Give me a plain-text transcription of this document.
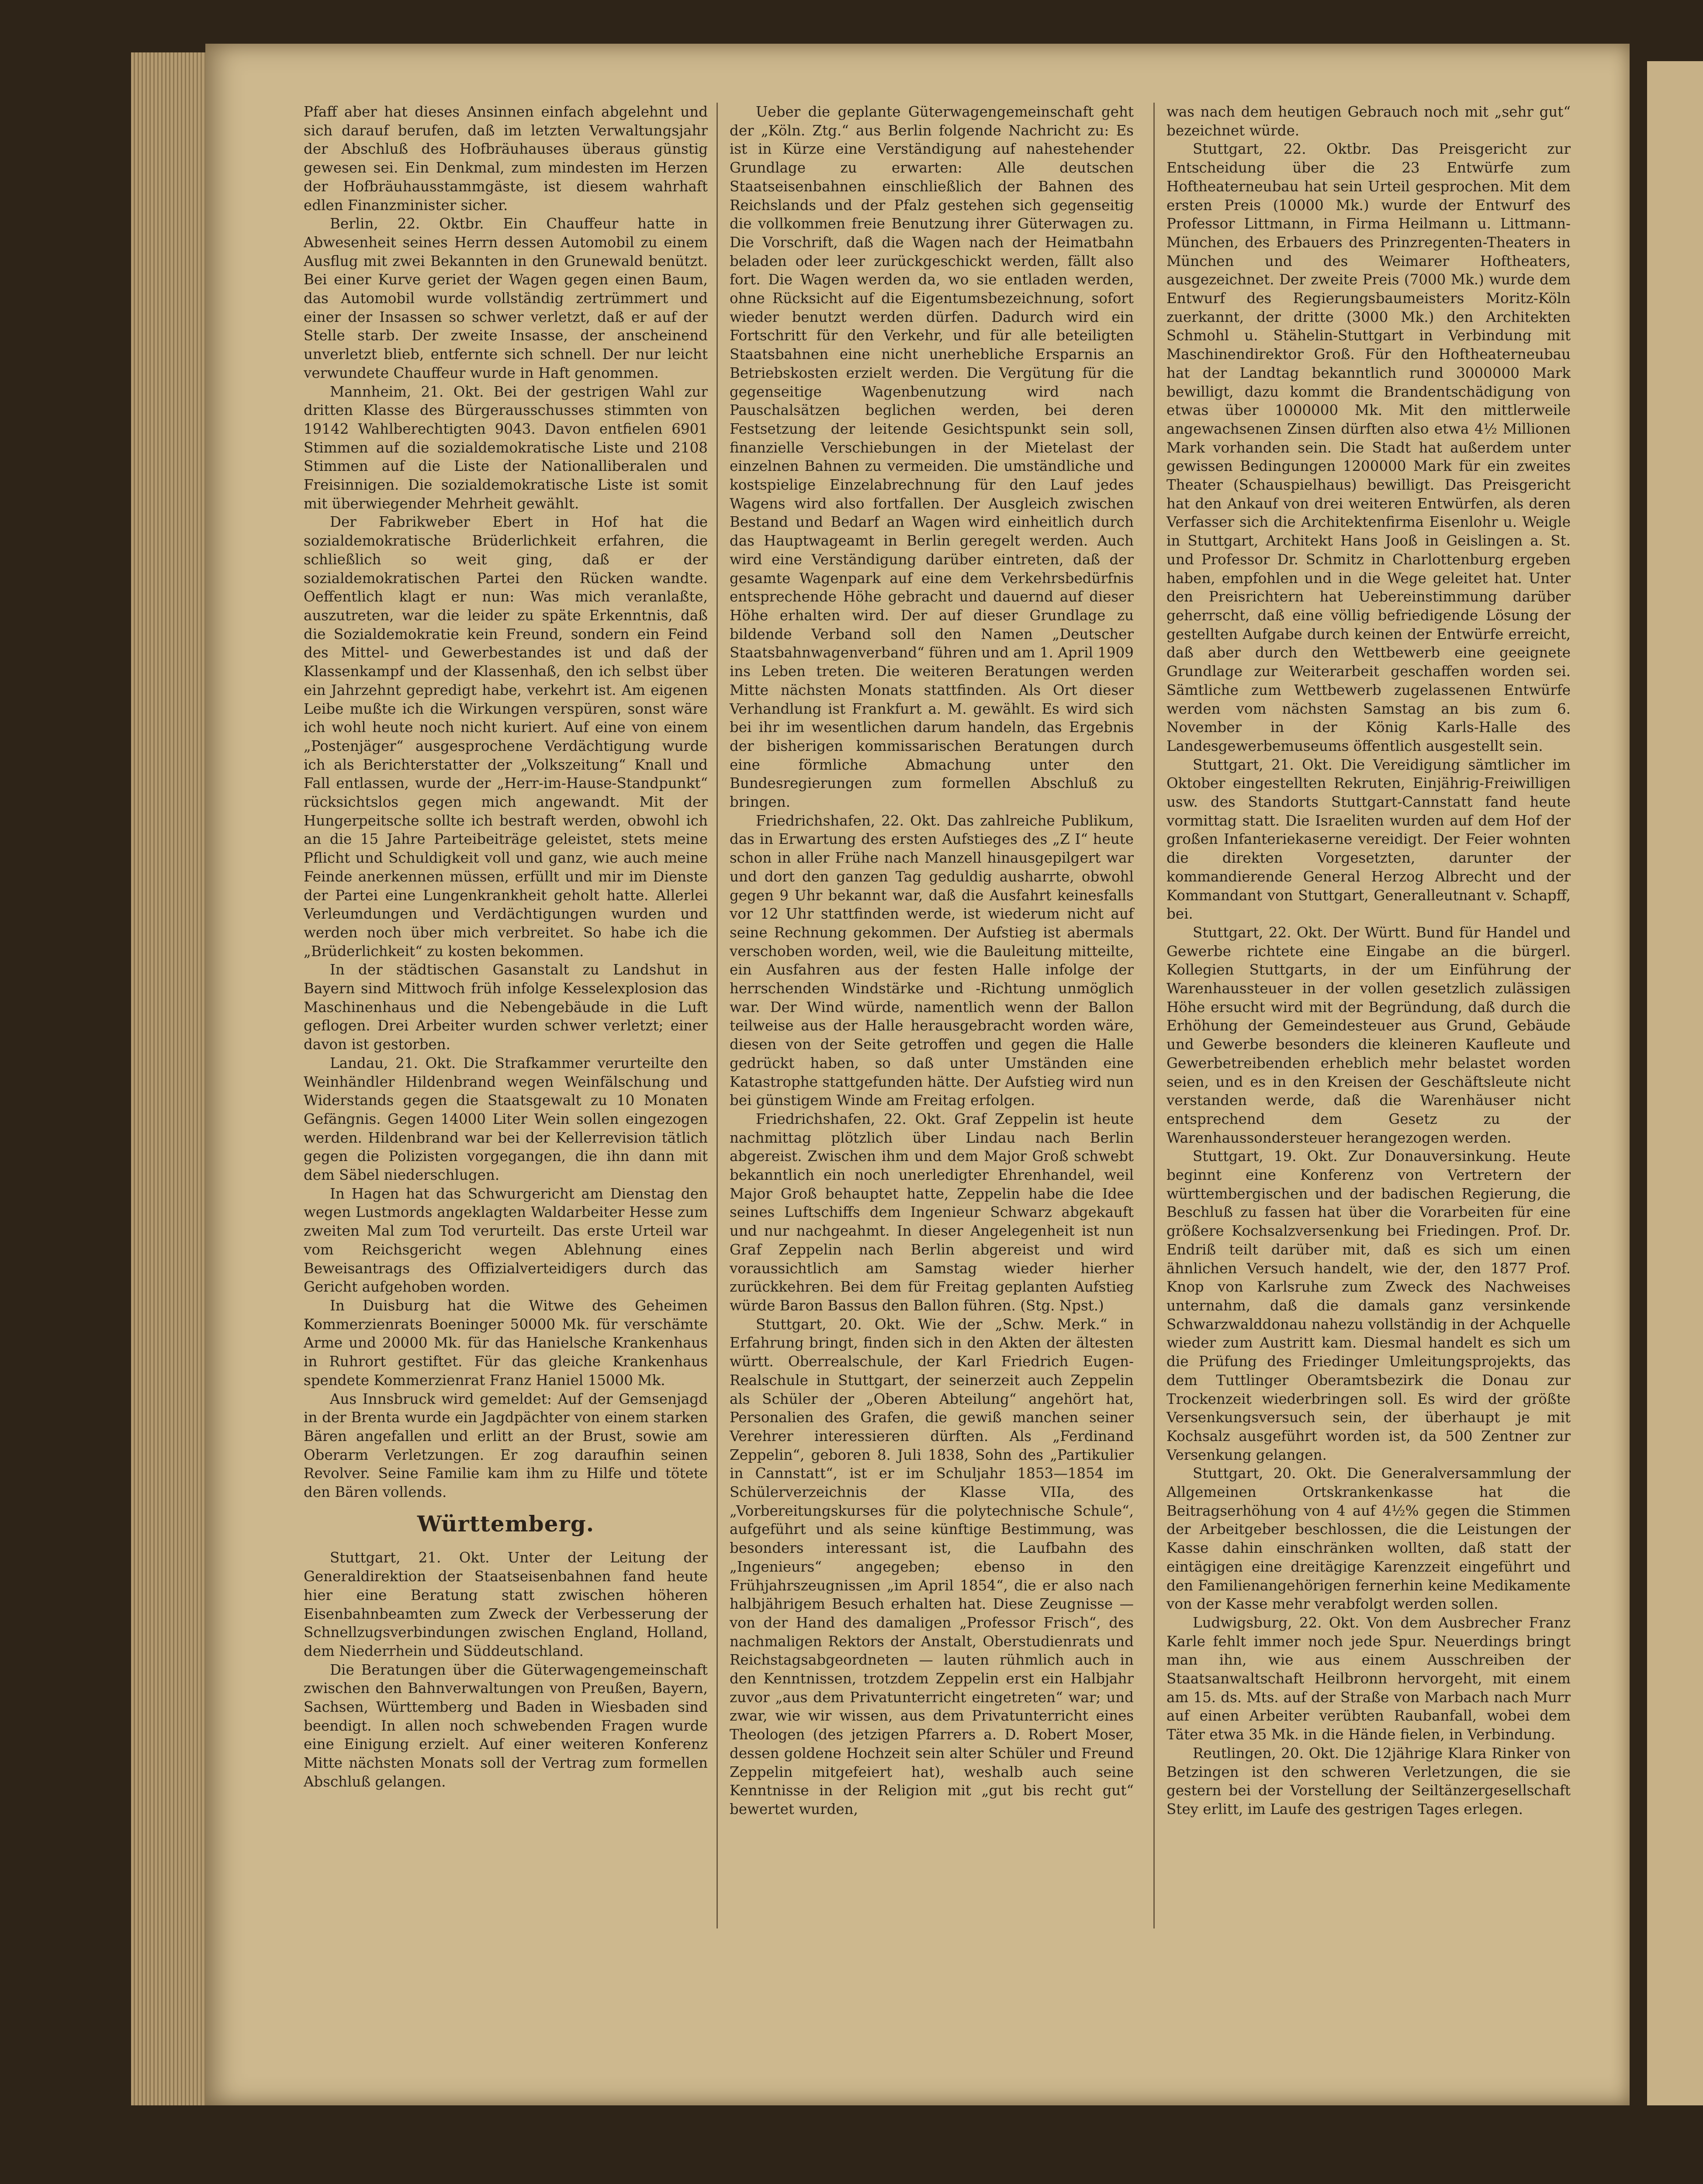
Pfaff aber hat dieses Ansinnen einfach abgelehnt und sich darauf berufen, daß im letzten Verwaltungsjahr der Abschluß des Hofbräuhauses überaus günstig gewesen sei. Ein Denkmal, zum mindesten im Herzen der Hofbräuhausstammgäste, ist diesem wahrhaft edlen Finanzminister sicher.

Berlin, 22. Oktbr. Ein Chauffeur hatte in Abwesenheit seines Herrn dessen Automobil zu einem Ausflug mit zwei Bekannten in den Grunewald benützt. Bei einer Kurve geriet der Wagen gegen einen Baum, das Automobil wurde vollständig zertrümmert und einer der Insassen so schwer verletzt, daß er auf der Stelle starb. Der zweite Insasse, der anscheinend unverletzt blieb, entfernte sich schnell. Der nur leicht verwundete Chauffeur wurde in Haft genommen.

Mannheim, 21. Okt. Bei der gestrigen Wahl zur dritten Klasse des Bürgerausschusses stimmten von 19142 Wahlberechtigten 9043. Davon entfielen 6901 Stimmen auf die sozialdemokratische Liste und 2108 Stimmen auf die Liste der Nationalliberalen und Freisinnigen. Die sozialdemokratische Liste ist somit mit überwiegender Mehrheit gewählt.

Der Fabrikweber Ebert in Hof hat die sozialdemokratische Brüderlichkeit erfahren, die schließlich so weit ging, daß er der sozialdemokratischen Partei den Rücken wandte. Oeffentlich klagt er nun: Was mich veranlaßte, auszutreten, war die leider zu späte Erkenntnis, daß die Sozialdemokratie kein Freund, sondern ein Feind des Mittel- und Gewerbestandes ist und daß der Klassenkampf und der Klassenhaß, den ich selbst über ein Jahrzehnt gepredigt habe, verkehrt ist. Am eigenen Leibe mußte ich die Wirkungen verspüren, sonst wäre ich wohl heute noch nicht kuriert. Auf eine von einem „Postenjäger“ ausgesprochene Verdächtigung wurde ich als Berichterstatter der „Volkszeitung“ Knall und Fall entlassen, wurde der „Herr-im-Hause-Standpunkt“ rücksichtslos gegen mich angewandt. Mit der Hungerpeitsche sollte ich bestraft werden, obwohl ich an die 15 Jahre Parteibeiträge geleistet, stets meine Pflicht und Schuldigkeit voll und ganz, wie auch meine Feinde anerkennen müssen, erfüllt und mir im Dienste der Partei eine Lungenkrankheit geholt hatte. Allerlei Verleumdungen und Verdächtigungen wurden und werden noch über mich verbreitet. So habe ich die „Brüderlichkeit“ zu kosten bekommen.

In der städtischen Gasanstalt zu Landshut in Bayern sind Mittwoch früh infolge Kesselexplosion das Maschinenhaus und die Nebengebäude in die Luft geflogen. Drei Arbeiter wurden schwer verletzt; einer davon ist gestorben.

Landau, 21. Okt. Die Strafkammer verurteilte den Weinhändler Hildenbrand wegen Weinfälschung und Widerstands gegen die Staatsgewalt zu 10 Monaten Gefängnis. Gegen 14000 Liter Wein sollen eingezogen werden. Hildenbrand war bei der Kellerrevision tätlich gegen die Polizisten vorgegangen, die ihn dann mit dem Säbel niederschlugen.

In Hagen hat das Schwurgericht am Dienstag den wegen Lustmords angeklagten Waldarbeiter Hesse zum zweiten Mal zum Tod verurteilt. Das erste Urteil war vom Reichsgericht wegen Ablehnung eines Beweisantrags des Offizialverteidigers durch das Gericht aufgehoben worden.

In Duisburg hat die Witwe des Geheimen Kommerzienrats Boeninger 50000 Mk. für verschämte Arme und 20000 Mk. für das Hanielsche Krankenhaus in Ruhrort gestiftet. Für das gleiche Krankenhaus spendete Kommerzienrat Franz Haniel 15000 Mk.

Aus Innsbruck wird gemeldet: Auf der Gemsenjagd in der Brenta wurde ein Jagdpächter von einem starken Bären angefallen und erlitt an der Brust, sowie am Oberarm Verletzungen. Er zog daraufhin seinen Revolver. Seine Familie kam ihm zu Hilfe und tötete den Bären vollends.

Württemberg.

Stuttgart, 21. Okt. Unter der Leitung der Generaldirektion der Staatseisenbahnen fand heute hier eine Beratung statt zwischen höheren Eisenbahnbeamten zum Zweck der Verbesserung der Schnellzugsverbindungen zwischen England, Holland, dem Niederrhein und Süddeutschland.

Die Beratungen über die Güterwagengemeinschaft zwischen den Bahnverwaltungen von Preußen, Bayern, Sachsen, Württemberg und Baden in Wiesbaden sind beendigt. In allen noch schwebenden Fragen wurde eine Einigung erzielt. Auf einer weiteren Konferenz Mitte nächsten Monats soll der Vertrag zum formellen Abschluß gelangen.

Ueber die geplante Güterwagengemeinschaft geht der „Köln. Ztg.“ aus Berlin folgende Nachricht zu: Es ist in Kürze eine Verständigung auf nahestehender Grundlage zu erwarten: Alle deutschen Staatseisenbahnen einschließlich der Bahnen des Reichslands und der Pfalz gestehen sich gegenseitig die vollkommen freie Benutzung ihrer Güterwagen zu. Die Vorschrift, daß die Wagen nach der Heimatbahn beladen oder leer zurückgeschickt werden, fällt also fort. Die Wagen werden da, wo sie entladen werden, ohne Rücksicht auf die Eigentumsbezeichnung, sofort wieder benutzt werden dürfen. Dadurch wird ein Fortschritt für den Verkehr, und für alle beteiligten Staatsbahnen eine nicht unerhebliche Ersparnis an Betriebskosten erzielt werden. Die Vergütung für die gegenseitige Wagenbenutzung wird nach Pauschalsätzen beglichen werden, bei deren Festsetzung der leitende Gesichtspunkt sein soll, finanzielle Verschiebungen in der Mietelast der einzelnen Bahnen zu vermeiden. Die umständliche und kostspielige Einzelabrechnung für den Lauf jedes Wagens wird also fortfallen. Der Ausgleich zwischen Bestand und Bedarf an Wagen wird einheitlich durch das Hauptwageamt in Berlin geregelt werden. Auch wird eine Verständigung darüber eintreten, daß der gesamte Wagenpark auf eine dem Verkehrsbedürfnis entsprechende Höhe gebracht und dauernd auf dieser Höhe erhalten wird. Der auf dieser Grundlage zu bildende Verband soll den Namen „Deutscher Staatsbahnwagenverband“ führen und am 1. April 1909 ins Leben treten. Die weiteren Beratungen werden Mitte nächsten Monats stattfinden. Als Ort dieser Verhandlung ist Frankfurt a. M. gewählt. Es wird sich bei ihr im wesentlichen darum handeln, das Ergebnis der bisherigen kommissarischen Beratungen durch eine förmliche Abmachung unter den Bundesregierungen zum formellen Abschluß zu bringen.

Friedrichshafen, 22. Okt. Das zahlreiche Publikum, das in Erwartung des ersten Aufstieges des „Z I“ heute schon in aller Frühe nach Manzell hinausgepilgert war und dort den ganzen Tag geduldig ausharrte, obwohl gegen 9 Uhr bekannt war, daß die Ausfahrt keinesfalls vor 12 Uhr stattfinden werde, ist wiederum nicht auf seine Rechnung gekommen. Der Aufstieg ist abermals verschoben worden, weil, wie die Bauleitung mitteilte, ein Ausfahren aus der festen Halle infolge der herrschenden Windstärke und -Richtung unmöglich war. Der Wind würde, namentlich wenn der Ballon teilweise aus der Halle herausgebracht worden wäre, diesen von der Seite getroffen und gegen die Halle gedrückt haben, so daß unter Umständen eine Katastrophe stattgefunden hätte. Der Aufstieg wird nun bei günstigem Winde am Freitag erfolgen.

Friedrichshafen, 22. Okt. Graf Zeppelin ist heute nachmittag plötzlich über Lindau nach Berlin abgereist. Zwischen ihm und dem Major Groß schwebt bekanntlich ein noch unerledigter Ehrenhandel, weil Major Groß behauptet hatte, Zeppelin habe die Idee seines Luftschiffs dem Ingenieur Schwarz abgekauft und nur nachgeahmt. In dieser Angelegenheit ist nun Graf Zeppelin nach Berlin abgereist und wird voraussichtlich am Samstag wieder hierher zurückkehren. Bei dem für Freitag geplanten Aufstieg würde Baron Bassus den Ballon führen. (Stg. Npst.)

Stuttgart, 20. Okt. Wie der „Schw. Merk.“ in Erfahrung bringt, finden sich in den Akten der ältesten württ. Oberrealschule, der Karl Friedrich Eugen-Realschule in Stuttgart, der seinerzeit auch Zeppelin als Schüler der „Oberen Abteilung“ angehört hat, Personalien des Grafen, die gewiß manchen seiner Verehrer interessieren dürften. Als „Ferdinand Zeppelin“, geboren 8. Juli 1838, Sohn des „Partikulier in Cannstatt“, ist er im Schuljahr 1853—1854 im Schülerverzeichnis der Klasse VIIa, des „Vorbereitungskurses für die polytechnische Schule“, aufgeführt und als seine künftige Bestimmung, was besonders interessant ist, die Laufbahn des „Ingenieurs“ angegeben; ebenso in den Frühjahrszeugnissen „im April 1854“, die er also nach halbjährigem Besuch erhalten hat. Diese Zeugnisse — von der Hand des damaligen „Professor Frisch“, des nachmaligen Rektors der Anstalt, Oberstudienrats und Reichstagsabgeordneten — lauten rühmlich auch in den Kenntnissen, trotzdem Zeppelin erst ein Halbjahr zuvor „aus dem Privatunterricht eingetreten“ war; und zwar, wie wir wissen, aus dem Privatunterricht eines Theologen (des jetzigen Pfarrers a. D. Robert Moser, dessen goldene Hochzeit sein alter Schüler und Freund Zeppelin mitgefeiert hat), weshalb auch seine Kenntnisse in der Religion mit „gut bis recht gut“ bewertet wurden,

was nach dem heutigen Gebrauch noch mit „sehr gut“ bezeichnet würde.

Stuttgart, 22. Oktbr. Das Preisgericht zur Entscheidung über die 23 Entwürfe zum Hoftheaterneubau hat sein Urteil gesprochen. Mit dem ersten Preis (10000 Mk.) wurde der Entwurf des Professor Littmann, in Firma Heilmann u. Littmann-München, des Erbauers des Prinzregenten-Theaters in München und des Weimarer Hoftheaters, ausgezeichnet. Der zweite Preis (7000 Mk.) wurde dem Entwurf des Regierungsbaumeisters Moritz-Köln zuerkannt, der dritte (3000 Mk.) den Architekten Schmohl u. Stähelin-Stuttgart in Verbindung mit Maschinendirektor Groß. Für den Hoftheaterneubau hat der Landtag bekanntlich rund 3000000 Mark bewilligt, dazu kommt die Brandentschädigung von etwas über 1000000 Mk. Mit den mittlerweile angewachsenen Zinsen dürften also etwa 4½ Millionen Mark vorhanden sein. Die Stadt hat außerdem unter gewissen Bedingungen 1200000 Mark für ein zweites Theater (Schauspielhaus) bewilligt. Das Preisgericht hat den Ankauf von drei weiteren Entwürfen, als deren Verfasser sich die Architektenfirma Eisenlohr u. Weigle in Stuttgart, Architekt Hans Jooß in Geislingen a. St. und Professor Dr. Schmitz in Charlottenburg ergeben haben, empfohlen und in die Wege geleitet hat. Unter den Preisrichtern hat Uebereinstimmung darüber geherrscht, daß eine völlig befriedigende Lösung der gestellten Aufgabe durch keinen der Entwürfe erreicht, daß aber durch den Wettbewerb eine geeignete Grundlage zur Weiterarbeit geschaffen worden sei. Sämtliche zum Wettbewerb zugelassenen Entwürfe werden vom nächsten Samstag an bis zum 6. November in der König Karls-Halle des Landesgewerbemuseums öffentlich ausgestellt sein.

Stuttgart, 21. Okt. Die Vereidigung sämtlicher im Oktober eingestellten Rekruten, Einjährig-Freiwilligen usw. des Standorts Stuttgart-Cannstatt fand heute vormittag statt. Die Israeliten wurden auf dem Hof der großen Infanteriekaserne vereidigt. Der Feier wohnten die direkten Vorgesetzten, darunter der kommandierende General Herzog Albrecht und der Kommandant von Stuttgart, Generalleutnant v. Schapff, bei.

Stuttgart, 22. Okt. Der Württ. Bund für Handel und Gewerbe richtete eine Eingabe an die bürgerl. Kollegien Stuttgarts, in der um Einführung der Warenhaussteuer in der vollen gesetzlich zulässigen Höhe ersucht wird mit der Begründung, daß durch die Erhöhung der Gemeindesteuer aus Grund, Gebäude und Gewerbe besonders die kleineren Kaufleute und Gewerbetreibenden erheblich mehr belastet worden seien, und es in den Kreisen der Geschäftsleute nicht verstanden werde, daß die Warenhäuser nicht entsprechend dem Gesetz zu der Warenhaussondersteuer herangezogen werden.

Stuttgart, 19. Okt. Zur Donauversinkung. Heute beginnt eine Konferenz von Vertretern der württembergischen und der badischen Regierung, die Beschluß zu fassen hat über die Vorarbeiten für eine größere Kochsalzversenkung bei Friedingen. Prof. Dr. Endriß teilt darüber mit, daß es sich um einen ähnlichen Versuch handelt, wie der, den 1877 Prof. Knop von Karlsruhe zum Zweck des Nachweises unternahm, daß die damals ganz versinkende Schwarzwalddonau nahezu vollständig in der Achquelle wieder zum Austritt kam. Diesmal handelt es sich um die Prüfung des Friedinger Umleitungsprojekts, das dem Tuttlinger Oberamtsbezirk die Donau zur Trockenzeit wiederbringen soll. Es wird der größte Versenkungsversuch sein, der überhaupt je mit Kochsalz ausgeführt worden ist, da 500 Zentner zur Versenkung gelangen.

Stuttgart, 20. Okt. Die Generalversammlung der Allgemeinen Ortskrankenkasse hat die Beitragserhöhung von 4 auf 4½% gegen die Stimmen der Arbeitgeber beschlossen, die die Leistungen der Kasse dahin einschränken wollten, daß statt der eintägigen eine dreitägige Karenzzeit eingeführt und den Familienangehörigen fernerhin keine Medikamente von der Kasse mehr verabfolgt werden sollen.

Ludwigsburg, 22. Okt. Von dem Ausbrecher Franz Karle fehlt immer noch jede Spur. Neuerdings bringt man ihn, wie aus einem Ausschreiben der Staatsanwaltschaft Heilbronn hervorgeht, mit einem am 15. ds. Mts. auf der Straße von Marbach nach Murr auf einen Arbeiter verübten Raubanfall, wobei dem Täter etwa 35 Mk. in die Hände fielen, in Verbindung.

Reutlingen, 20. Okt. Die 12jährige Klara Rinker von Betzingen ist den schweren Verletzungen, die sie gestern bei der Vorstellung der Seiltänzergesellschaft Stey erlitt, im Laufe des gestrigen Tages erlegen.
